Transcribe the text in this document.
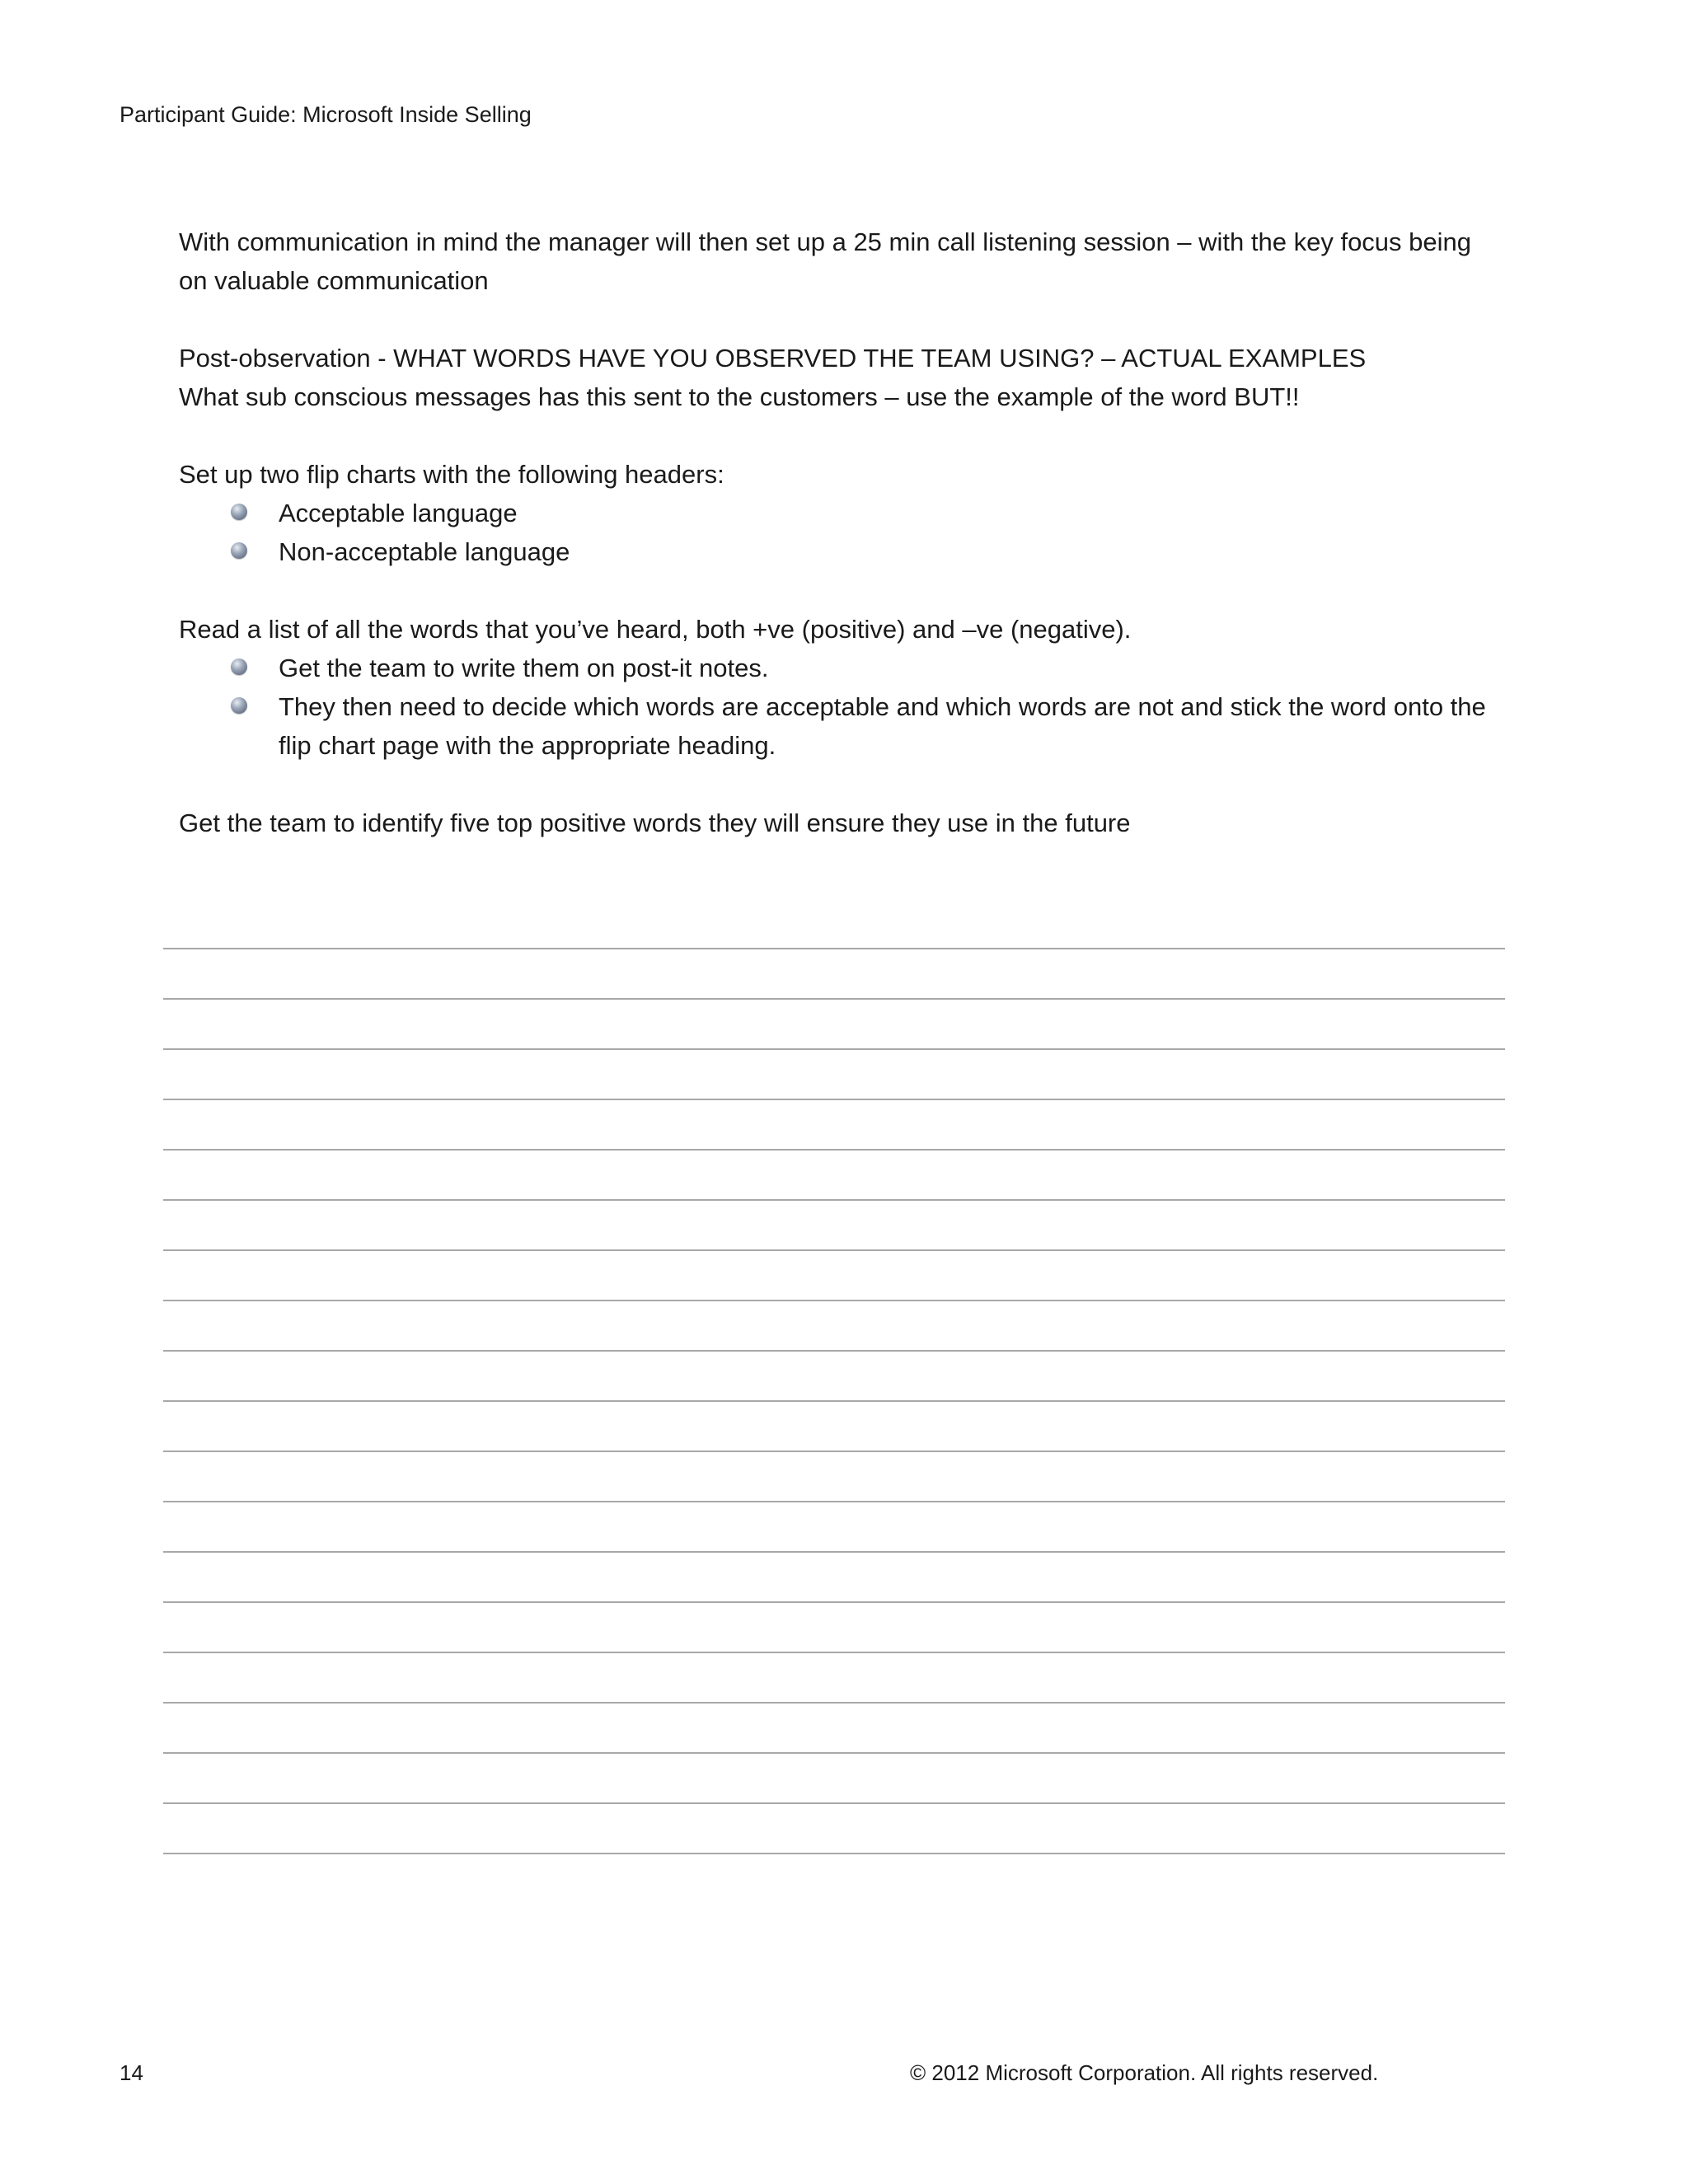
Participant Guide: Microsoft Inside Selling

With communication in mind the manager will then set up a 25 min call listening session – with the key focus being on valuable communication

Post-observation - WHAT WORDS HAVE YOU OBSERVED THE TEAM USING? – ACTUAL EXAMPLES

What sub conscious messages has this sent to the customers – use the example of the word BUT!!

Set up two flip charts with the following headers:

Acceptable language
Non-acceptable language

Read a list of all the words that you’ve heard, both +ve (positive) and –ve (negative).

Get the team to write them on post-it notes.
They then need to decide which words are acceptable and which words are not and stick the word onto the flip chart page with the appropriate heading.

Get the team to identify five top positive words they will ensure they use in the future

14	© 2012 Microsoft Corporation. All rights reserved.
